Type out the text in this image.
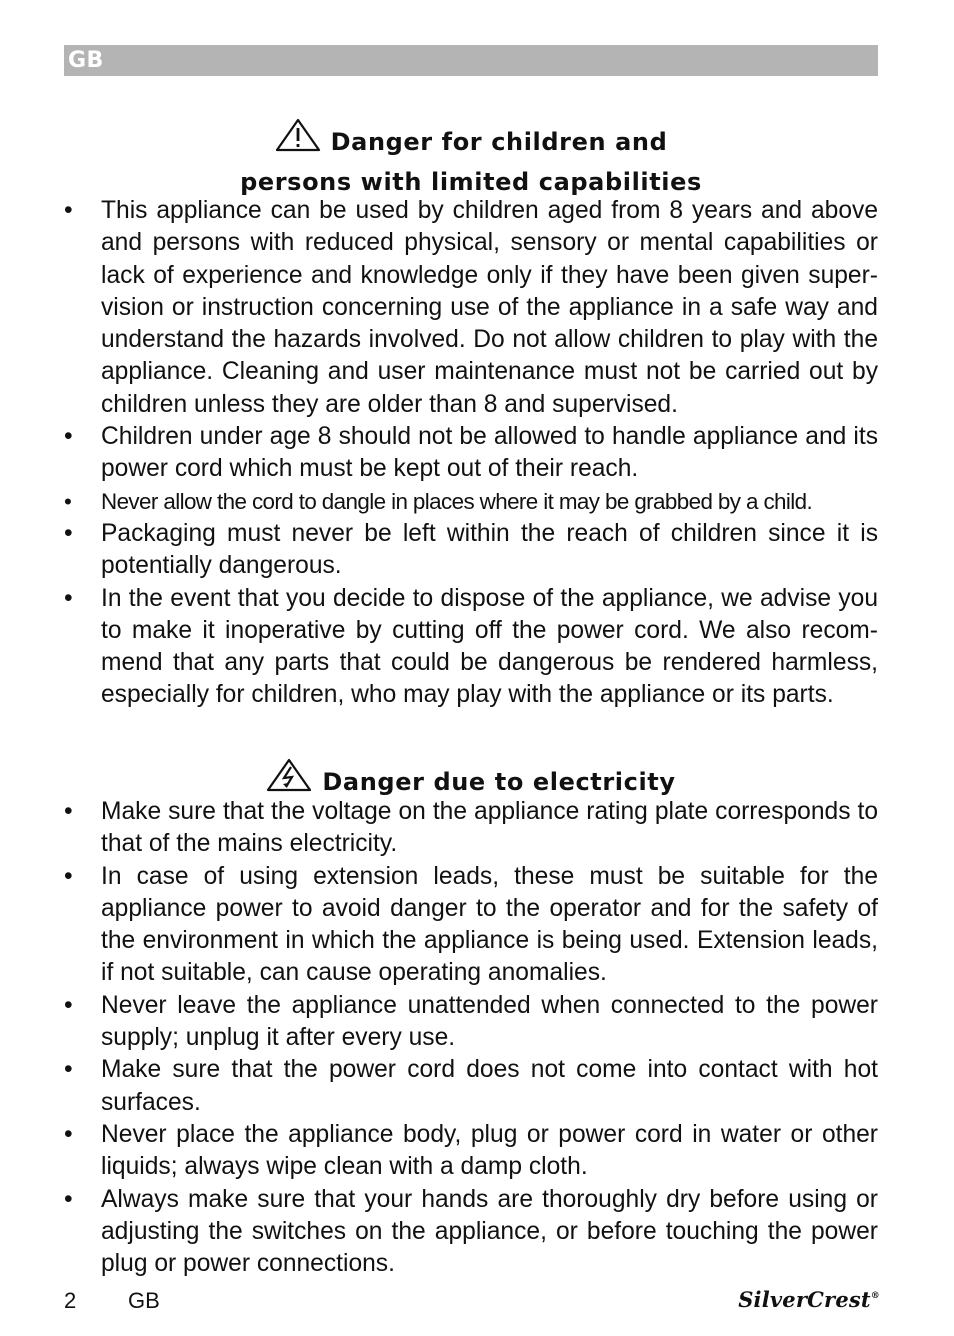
GB
Danger for children and
persons with limited capabilities
• This appliance can be used by children aged from 8 years and above and persons with reduced physical, sensory or mental capabilities or lack of experience and knowledge only if they have been given supervision or instruction concerning use of the appliance in a safe way and understand the hazards involved. Do not allow children to play with the appliance. Cleaning and user maintenance must not be carried out by children unless they are older than 8 and supervised.
• Children under age 8 should not be allowed to handle appliance and its power cord which must be kept out of their reach.
• Never allow the cord to dangle in places where it may be grabbed by a child.
• Packaging must never be left within the reach of children since it is potentially dangerous.
• In the event that you decide to dispose of the appliance, we advise you to make it inoperative by cutting off the power cord. We also recommend that any parts that could be dangerous be rendered harmless, especially for children, who may play with the appliance or its parts.
Danger due to electricity
• Make sure that the voltage on the appliance rating plate corresponds to that of the mains electricity.
• In case of using extension leads, these must be suitable for the appliance power to avoid danger to the operator and for the safety of the environment in which the appliance is being used. Extension leads, if not suitable, can cause operating anomalies.
• Never leave the appliance unattended when connected to the power supply; unplug it after every use.
• Make sure that the power cord does not come into contact with hot surfaces.
• Never place the appliance body, plug or power cord in water or other liquids; always wipe clean with a damp cloth.
• Always make sure that your hands are thoroughly dry before using or adjusting the switches on the appliance, or before touching the power plug or power connections.
2 GB	SilverCrest®
